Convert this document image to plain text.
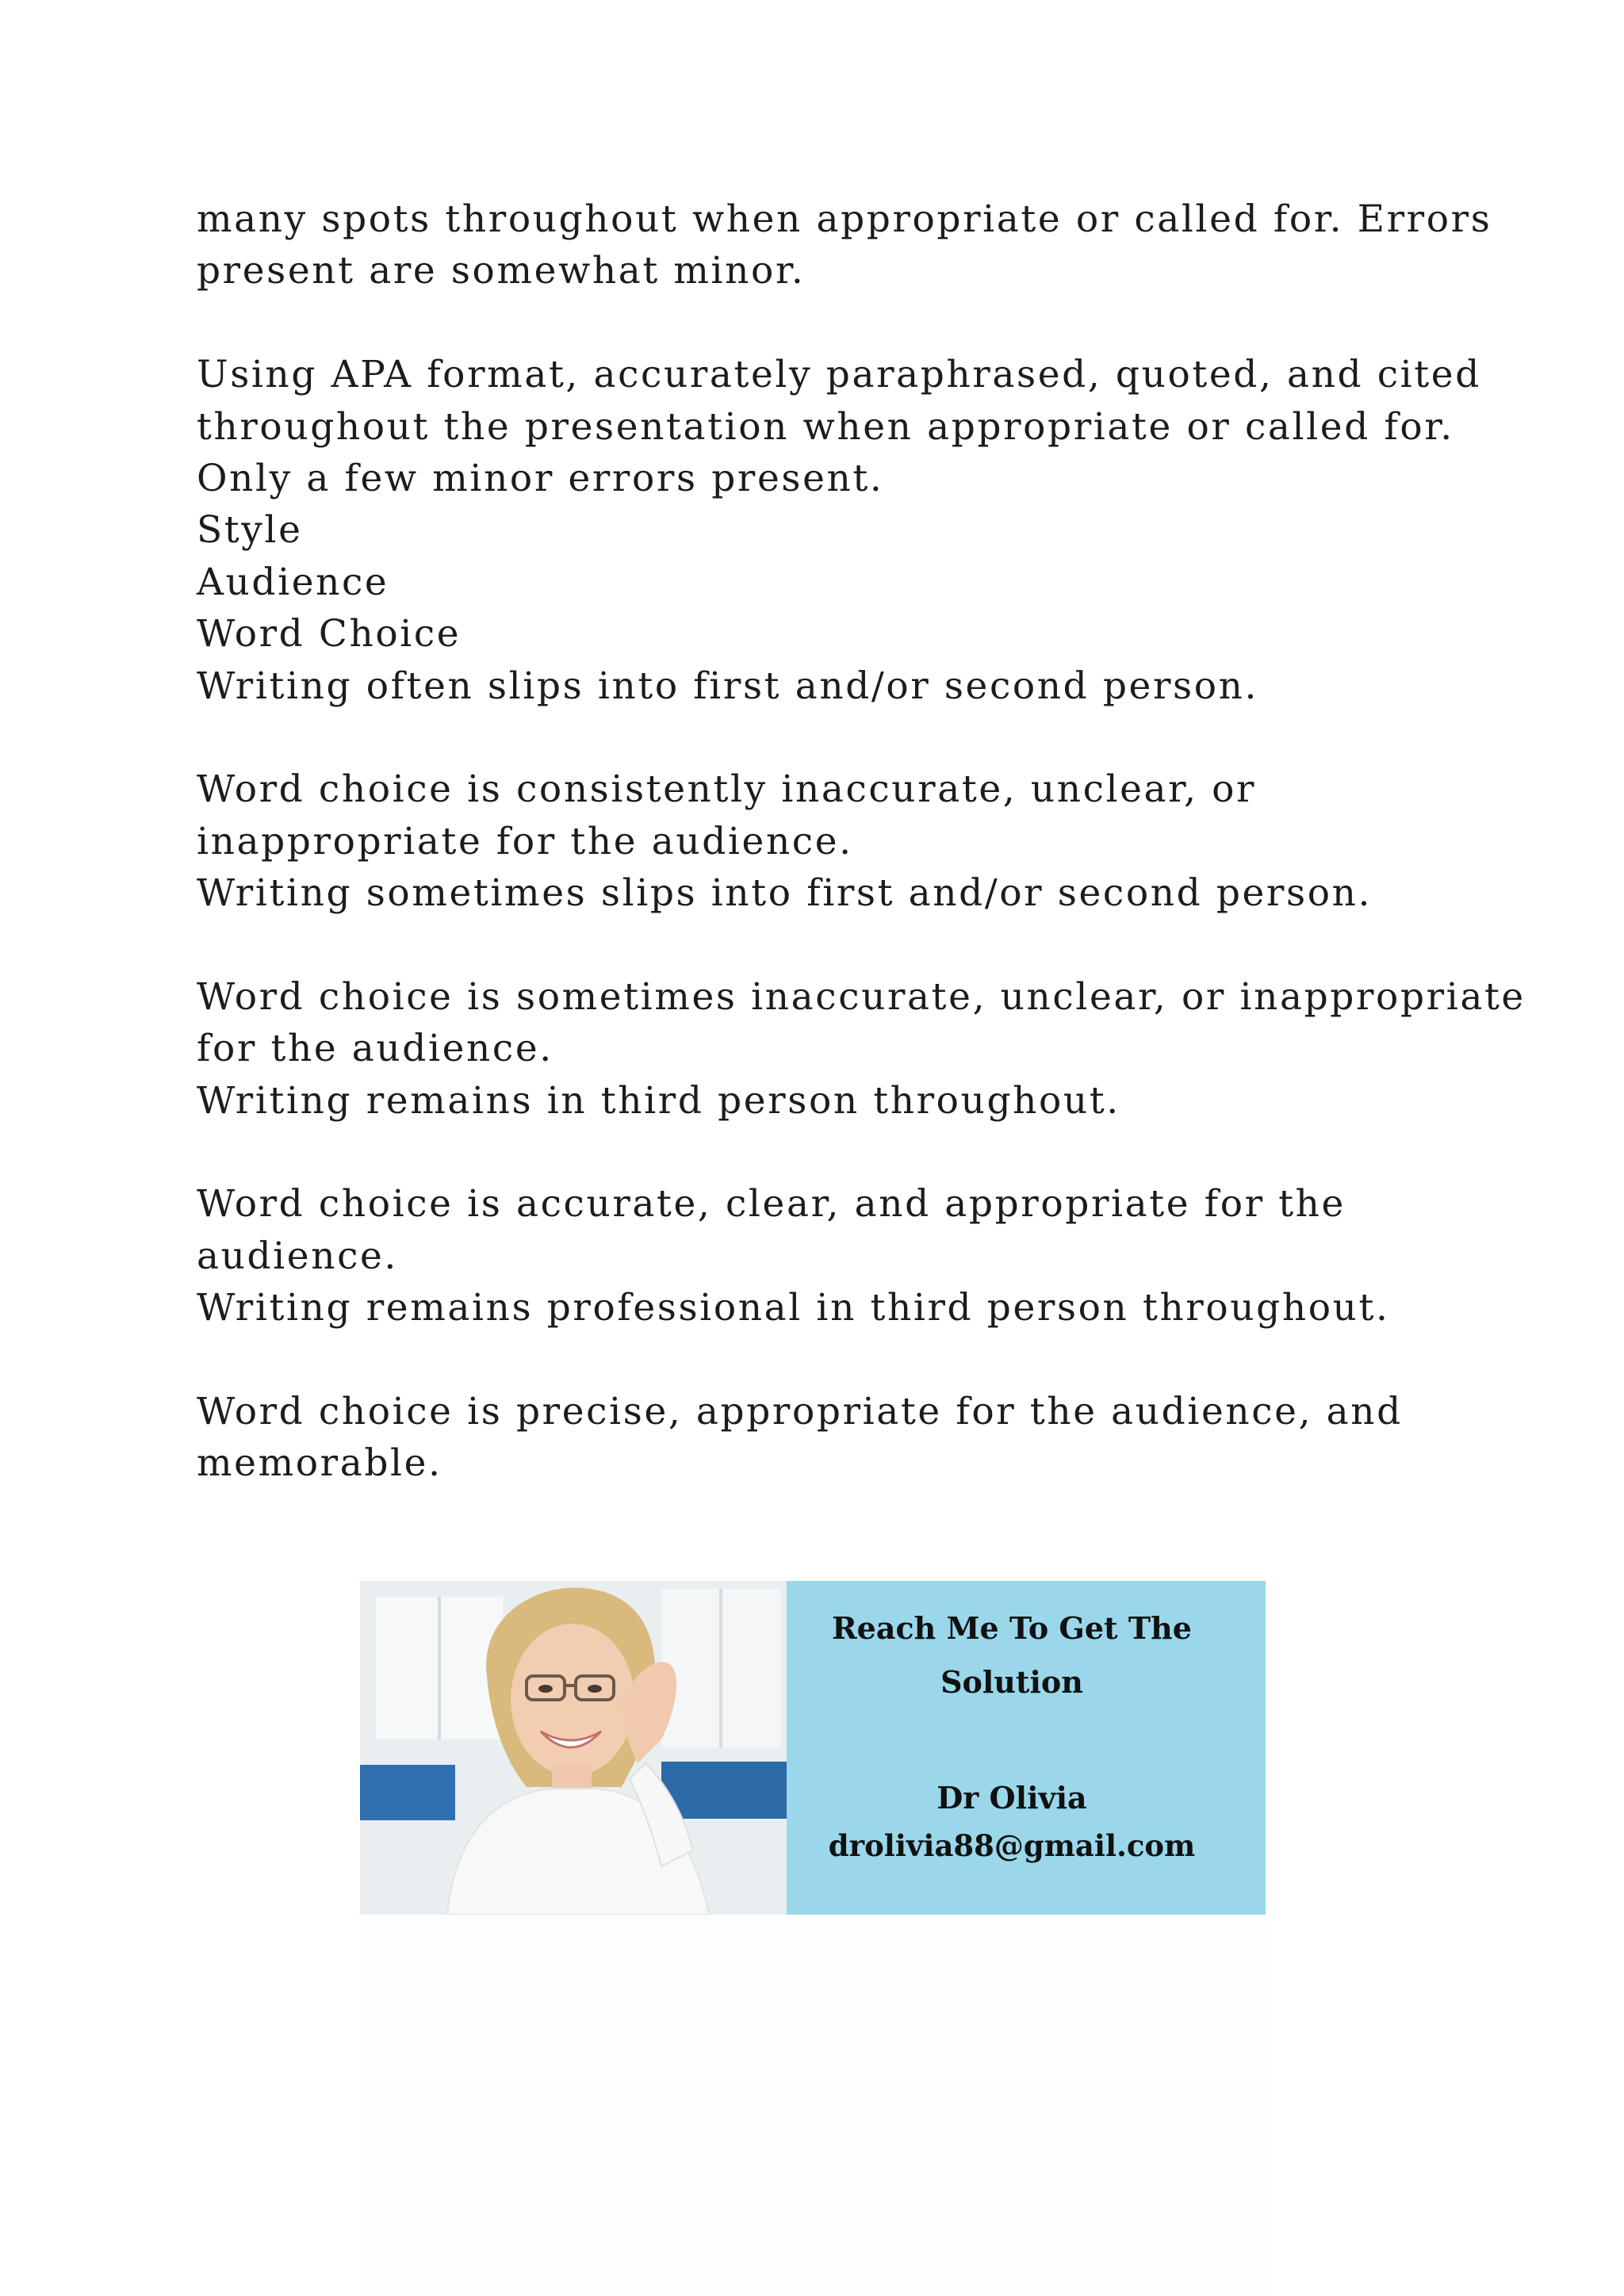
many spots throughout when appropriate or called for. Errors
present are somewhat minor.
Using APA format, accurately paraphrased, quoted, and cited
throughout the presentation when appropriate or called for.
Only a few minor errors present.
Style
Audience
Word Choice
Writing often slips into first and/or second person.
Word choice is consistently inaccurate, unclear, or
inappropriate for the audience.
Writing sometimes slips into first and/or second person.
Word choice is sometimes inaccurate, unclear, or inappropriate
for the audience.
Writing remains in third person throughout.
Word choice is accurate, clear, and appropriate for the
audience.
Writing remains professional in third person throughout.
Word choice is precise, appropriate for the audience, and
memorable.
Reach Me To Get The
Solution
Dr Olivia
drolivia88@gmail.com
